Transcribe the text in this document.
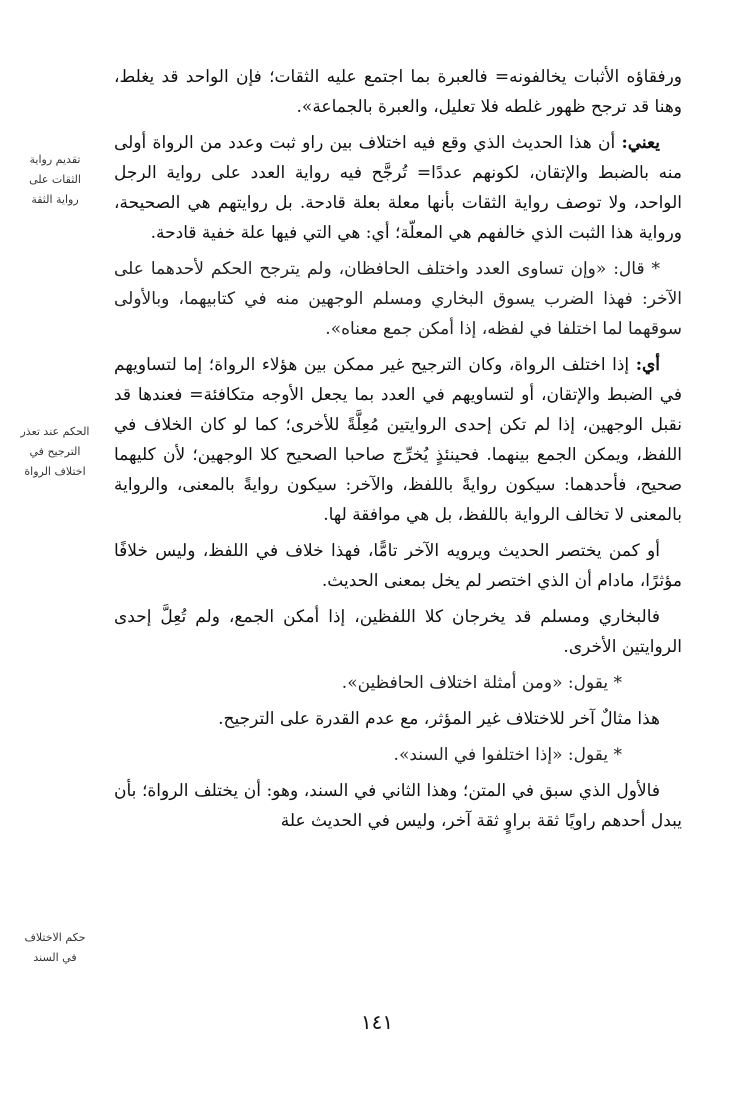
ورفقاؤه الأثبات يخالفونه= فالعبرة بما اجتمع عليه الثقات؛ فإن الواحد قد يغلط، وهنا قد ترجح ظهور غلطه فلا تعليل، والعبرة بالجماعة».

يعني: أن هذا الحديث الذي وقع فيه اختلاف بين راو ثبت وعدد من الرواة أولى منه بالضبط والإتقان، لكونهم عددًا= تُرجَّح فيه رواية العدد على رواية الرجل الواحد، ولا توصف رواية الثقات بأنها معلة بعلة قادحة. بل روايتهم هي الصحيحة، ورواية هذا الثبت الذي خالفهم هي المعلّة؛ أي: هي التي فيها علة خفية قادحة.

* قال: «وإن تساوى العدد واختلف الحافظان، ولم يترجح الحكم لأحدهما على الآخر: فهذا الضرب يسوق البخاري ومسلم الوجهين منه في كتابيهما، وبالأولى سوقهما لما اختلفا في لفظه، إذا أمكن جمع معناه».

أي: إذا اختلف الرواة، وكان الترجيح غير ممكن بين هؤلاء الرواة؛ إما لتساويهم في الضبط والإتقان، أو لتساويهم في العدد بما يجعل الأوجه متكافئة= فعندها قد نقبل الوجهين، إذا لم تكن إحدى الروايتين مُعِلَّةً للأخرى؛ كما لو كان الخلاف في اللفظ، ويمكن الجمع بينهما. فحينئذٍ يُخرِّج صاحبا الصحيح كلا الوجهين؛ لأن كليهما صحيح، فأحدهما: سيكون روايةً باللفظ، والآخر: سيكون روايةً بالمعنى، والرواية بالمعنى لا تخالف الرواية باللفظ، بل هي موافقة لها.

أو كمن يختصر الحديث ويرويه الآخر تامًّا، فهذا خلاف في اللفظ، وليس خلافًا مؤثرًا، مادام أن الذي اختصر لم يخل بمعنى الحديث.

فالبخاري ومسلم قد يخرجان كلا اللفظين، إذا أمكن الجمع، ولم تُعِلَّ إحدى الروايتين الأخرى.

* يقول: «ومن أمثلة اختلاف الحافظين».

هذا مثالٌ آخر للاختلاف غير المؤثر، مع عدم القدرة على الترجيح.

* يقول: «إذا اختلفوا في السند».

فالأول الذي سبق في المتن؛ وهذا الثاني في السند، وهو: أن يختلف الرواة؛ بأن يبدل أحدهم راويًا ثقة براوٍ ثقة آخر، وليس في الحديث علة

تقديم رواية الثقات على رواية الثقة
الحكم عند تعذر الترجيح في اختلاف الرواة
حكم الاختلاف في السند
١٤١
